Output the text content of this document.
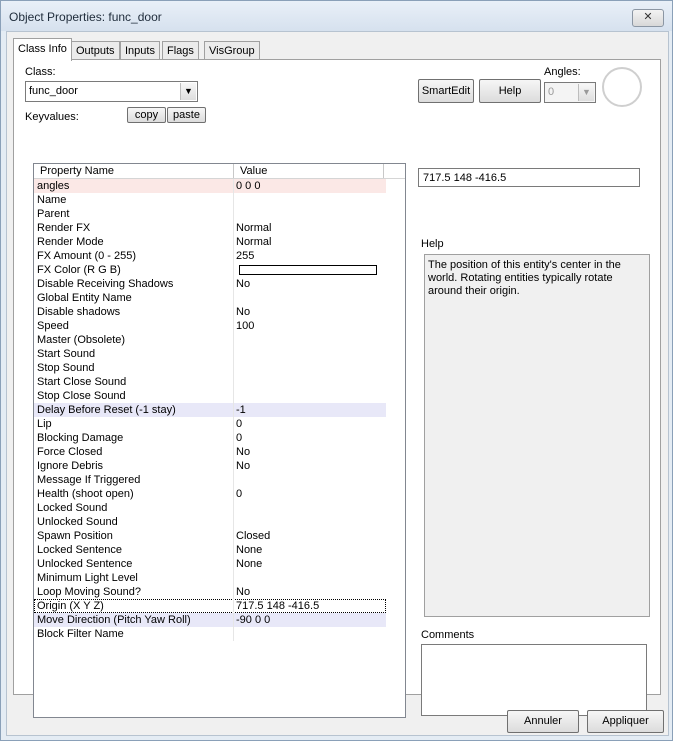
Object Properties: func_door	✕
Class Info Outputs Inputs	Flags	VisGroup
Class:
func_door	▼
Keyvalues:	copy	paste
SmartEdit	Help
Angles:
0	▼
Property Name	Value
angles	0 0 0
Name
Parent
Render FX	Normal
Render Mode	Normal
FX Amount (0 - 255)	255
FX Color (R G B)
Disable Receiving Shadows	No
Global Entity Name
Disable shadows	No
Speed	100
Master (Obsolete)
Start Sound
Stop Sound
Start Close Sound
Stop Close Sound
Delay Before Reset (-1 stay)	-1
Lip	0
Blocking Damage	0
Force Closed	No
Ignore Debris	No
Message If Triggered
Health (shoot open)	0
Locked Sound
Unlocked Sound
Spawn Position	Closed
Locked Sentence	None
Unlocked Sentence	None
Minimum Light Level
Loop Moving Sound?	No
Origin (X Y Z)	717.5 148 -416.5
Move Direction (Pitch Yaw Roll)	-90 0 0
Block Filter Name
717.5 148 -416.5
Help
The position of this entity's center in the world. Rotating entities typically rotate around their origin.
Comments
Annuler	Appliquer
